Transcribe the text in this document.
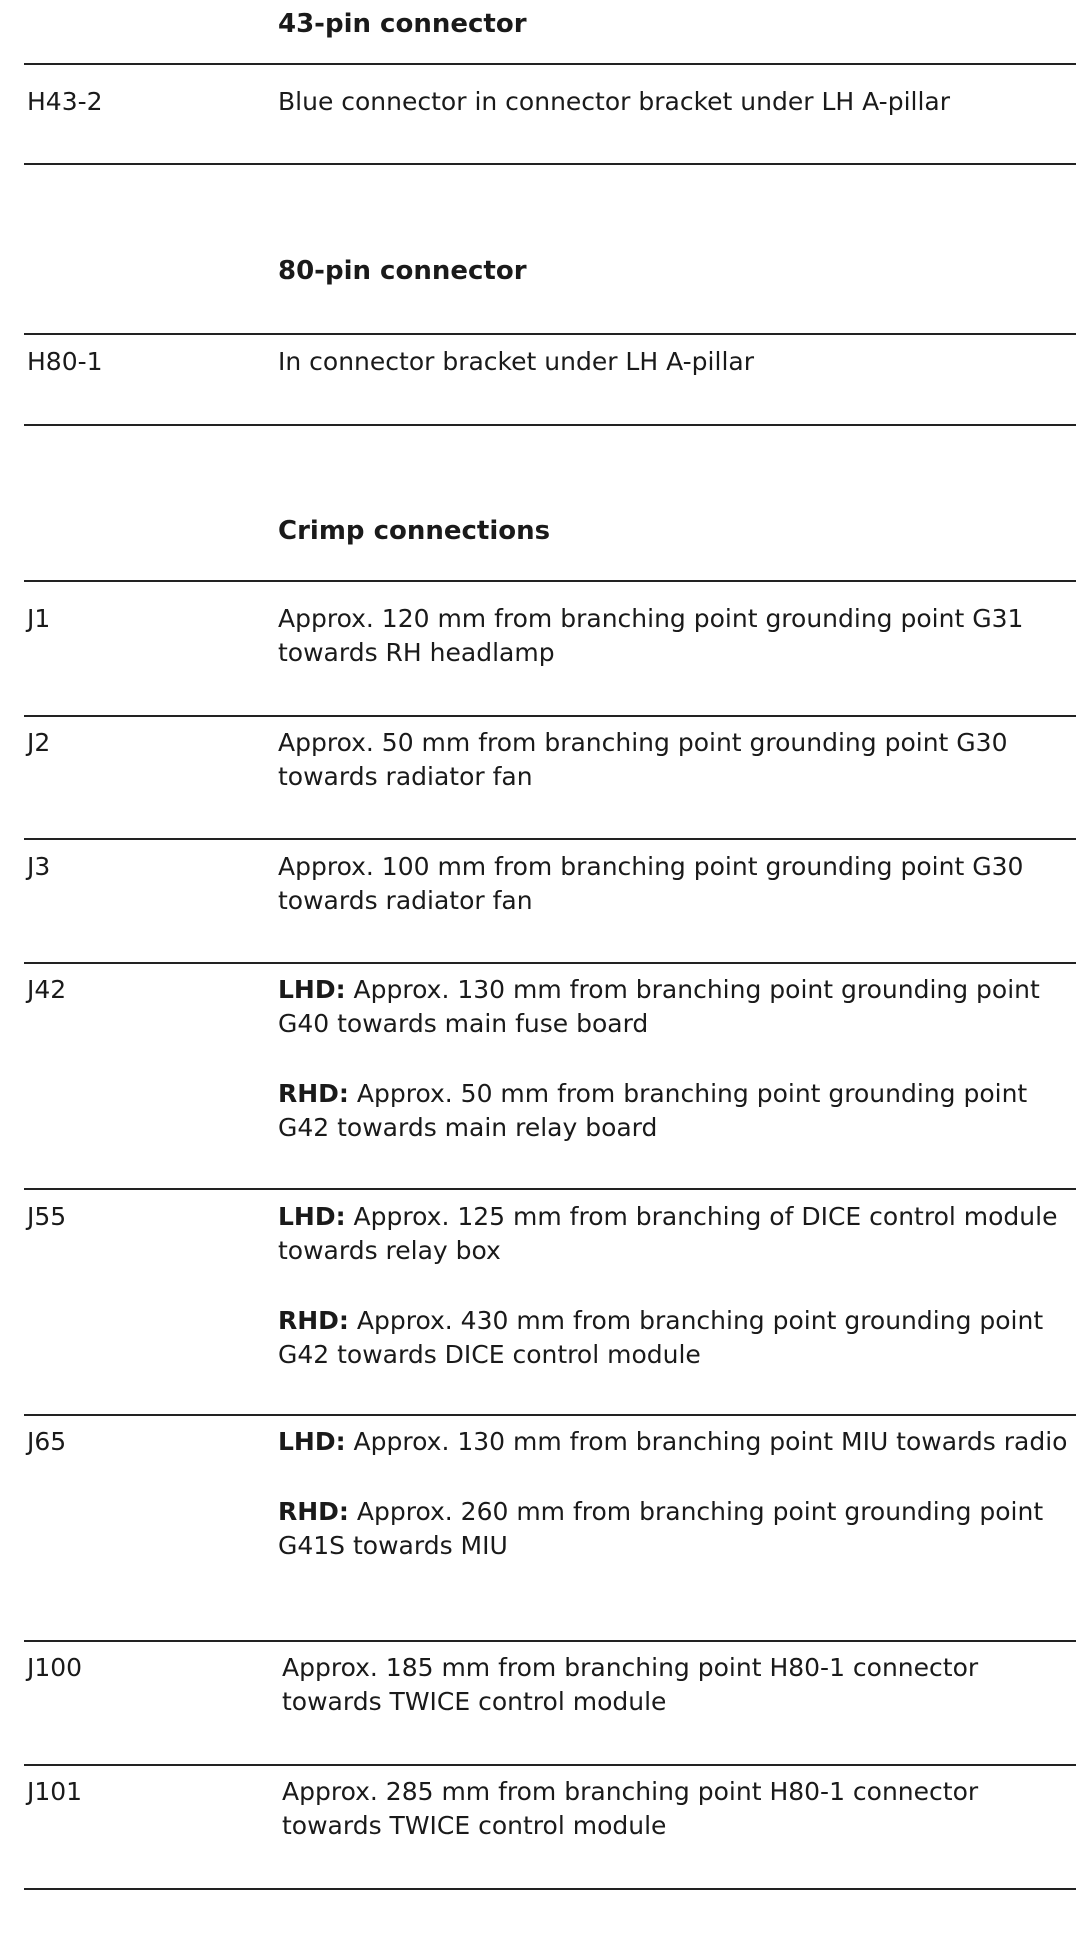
43-pin connector
H43-2	Blue connector in connector bracket under LH A-pillar
80-pin connector
H80-1	In connector bracket under LH A-pillar
Crimp connections
J1	Approx. 120 mm from branching point grounding point G31 towards RH headlamp
J2	Approx. 50 mm from branching point grounding point G30 towards radiator fan
J3	Approx. 100 mm from branching point grounding point G30 towards radiator fan
J42	LHD: Approx. 130 mm from branching point grounding point G40 towards main fuse board

RHD: Approx. 50 mm from branching point grounding point G42 towards main relay board

J55	LHD: Approx. 125 mm from branching of DICE control module towards relay box

RHD: Approx. 430 mm from branching point grounding point G42 towards DICE control module

J65	LHD: Approx. 130 mm from branching point MIU towards radio

RHD: Approx. 260 mm from branching point grounding point G41S towards MIU

J100	Approx. 185 mm from branching point H80-1 connector towards TWICE control module
J101	Approx. 285 mm from branching point H80-1 connector towards TWICE control module
